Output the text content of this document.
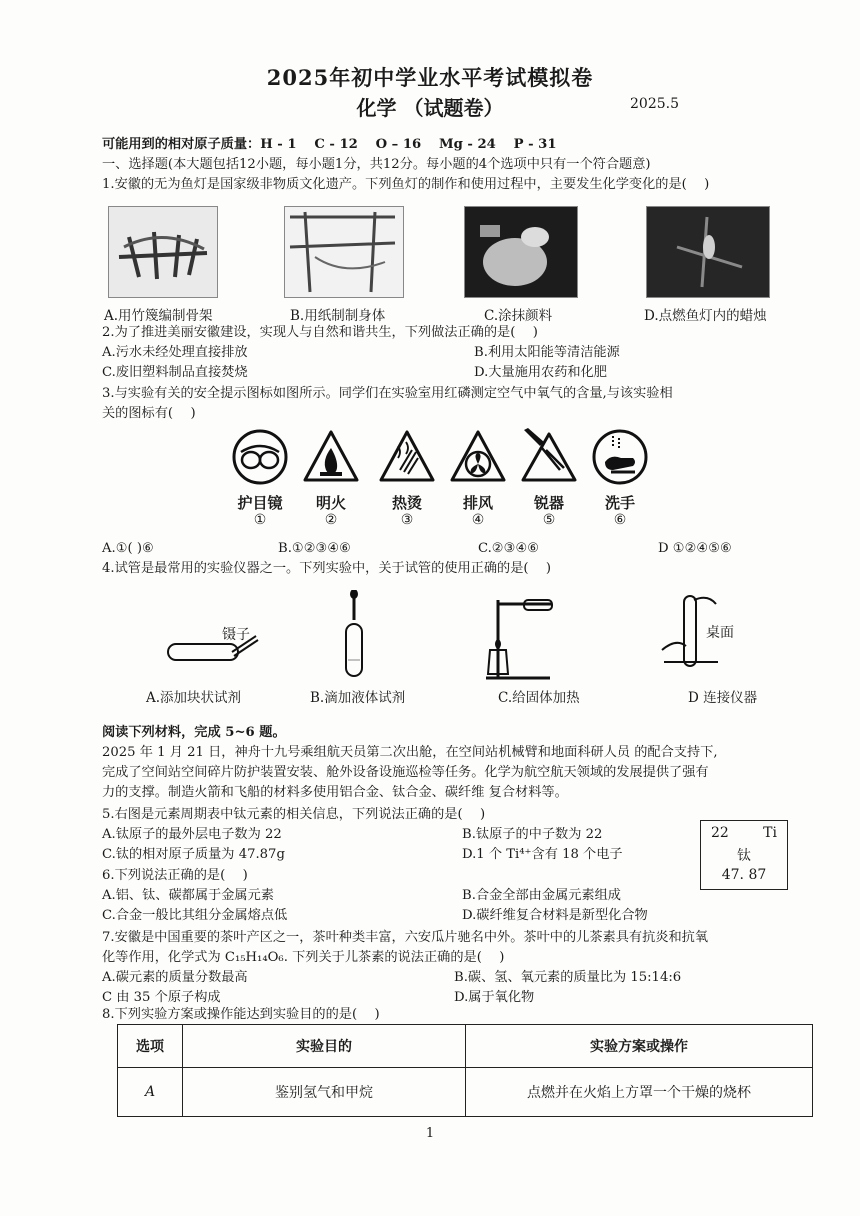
2025年初中学业水平考试模拟卷
化学 （试题卷）	2025.5
可能用到的相对原子质量：H - 1　 C - 12　 O – 16　 Mg - 24　 P - 31
一、选择题(本大题包括12小题，每小题1分，共12分。每小题的4个选项中只有一个符合题意)
1.安徽的无为鱼灯是国家级非物质文化遗产。下列鱼灯的制作和使用过程中，主要发生化学变化的是(　 )
A.用竹篾编制骨架	B.用纸制制身体	C.涂抹颜料	D.点燃鱼灯内的蜡烛
2.为了推进美丽安徽建设，实现人与自然和谐共生，下列做法正确的是(　 )
A.污水未经处理直接排放	B.利用太阳能等清洁能源
C.废旧塑料制品直接焚烧	D.大量施用农药和化肥
3.与实验有关的安全提示图标如图所示。同学们在实验室用红磷测定空气中氧气的含量,与该实验相
关的图标有(　 )
护目镜	明火	热烫	排风	锐器	洗手
①	②	③	④	⑤	⑥
A.①( )⑥	B.①②③④⑥	C.②③④⑥	D ①②④⑤⑥
4.试管是最常用的实验仪器之一。下列实验中，关于试管的使用正确的是(　 )
镊子	桌面
A.添加块状试剂	B.滴加液体试剂	C.给固体加热	D 连接仪器
阅读下列材料，完成 5~6 题。
2025 年 1 月 21 日，神舟十九号乘组航天员第二次出舱，在空间站机械臂和地面科研人员 的配合支持下,
完成了空间站空间碎片防护装置安装、舱外设备设施巡检等任务。化学为航空航天领域的发展提供了强有
力的支撑。制造火箭和飞船的材料多使用铝合金、钛合金、碳纤维 复合材料等。
5.右图是元素周期表中钛元素的相关信息，下列说法正确的是(　 )
A.钛原子的最外层电子数为 22	B.钛原子的中子数为 22
C.钛的相对原子质量为 47.87g	D.1 个 Ti⁴⁺含有 18 个电子
22 Ti
钛
47. 87
6.下列说法正确的是(　 )
A.铝、钛、碳都属于金属元素	B.合金全部由金属元素组成
C.合金一般比其组分金属熔点低	D.碳纤维复合材料是新型化合物
7.安徽是中国重要的茶叶产区之一，茶叶种类丰富，六安瓜片驰名中外。茶叶中的儿茶素具有抗炎和抗氧
化等作用，化学式为 C₁₅H₁₄O₆. 下列关于儿茶素的说法正确的是(　 )
A.碳元素的质量分数最高	B.碳、氢、氧元素的质量比为 15:14:6
C 由 35 个原子构成	D.属于氧化物
8.下列实验方案或操作能达到实验目的的是(　 )
选项	实验目的	实验方案或操作
A	鉴别氢气和甲烷	点燃并在火焰上方罩一个干燥的烧杯
1
